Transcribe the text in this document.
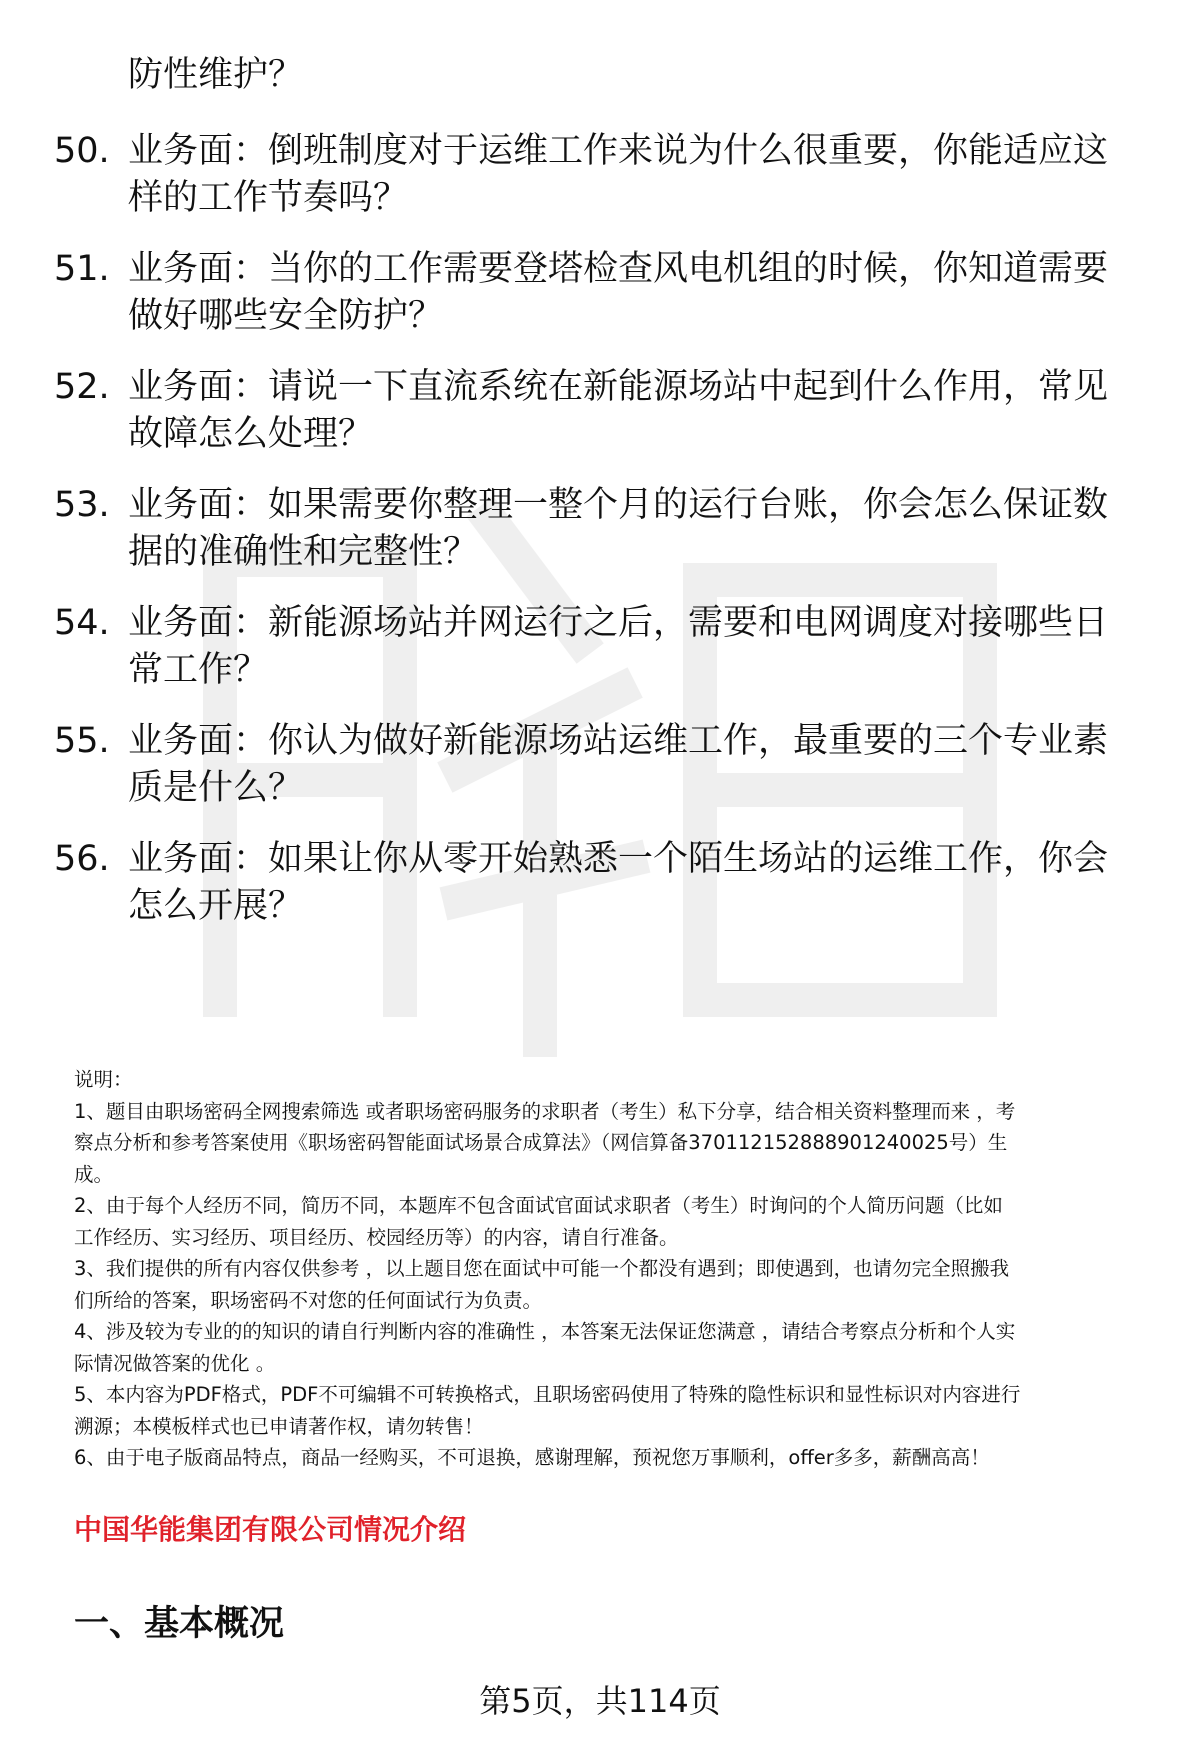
防性维护？
50. 业务面：倒班制度对于运维工作来说为什么很重要，你能适应这
样的工作节奏吗？
51. 业务面：当你的工作需要登塔检查风电机组的时候，你知道需要
做好哪些安全防护？
52. 业务面：请说一下直流系统在新能源场站中起到什么作用，常见
故障怎么处理？
53. 业务面：如果需要你整理一整个月的运行台账，你会怎么保证数
据的准确性和完整性？
54. 业务面：新能源场站并网运行之后，需要和电网调度对接哪些日
常工作？
55. 业务面：你认为做好新能源场站运维工作，最重要的三个专业素
质是什么？
56. 业务面：如果让你从零开始熟悉一个陌生场站的运维工作，你会
怎么开展？

说明：

1、题目由职场密码全网搜索筛选 或者职场密码服务的求职者（考生）私下分享，结合相关资料整理而来 ，考

察点分析和参考答案使用《职场密码智能面试场景合成算法》（网信算备370112152888901240025号）生

成。

2、由于每个人经历不同，简历不同，本题库不包含面试官面试求职者（考生）时询问的个人简历问题（比如

工作经历、实习经历、项目经历、校园经历等）的内容，请自行准备。

3、我们提供的所有内容仅供参考 ，以上题目您在面试中可能一个都没有遇到；即使遇到，也请勿完全照搬我

们所给的答案，职场密码不对您的任何面试行为负责。

4、涉及较为专业的的知识的请自行判断内容的准确性 ，本答案无法保证您满意 ，请结合考察点分析和个人实

际情况做答案的优化 。

5、本内容为PDF格式，PDF不可编辑不可转换格式，且职场密码使用了特殊的隐性标识和显性标识对内容进行

溯源；本模板样式也已申请著作权，请勿转售！

6、由于电子版商品特点，商品一经购买，不可退换，感谢理解，预祝您万事顺利，offer多多，薪酬高高！

中国华能集团有限公司情况介绍
一、基本概况
第5页，共114页
